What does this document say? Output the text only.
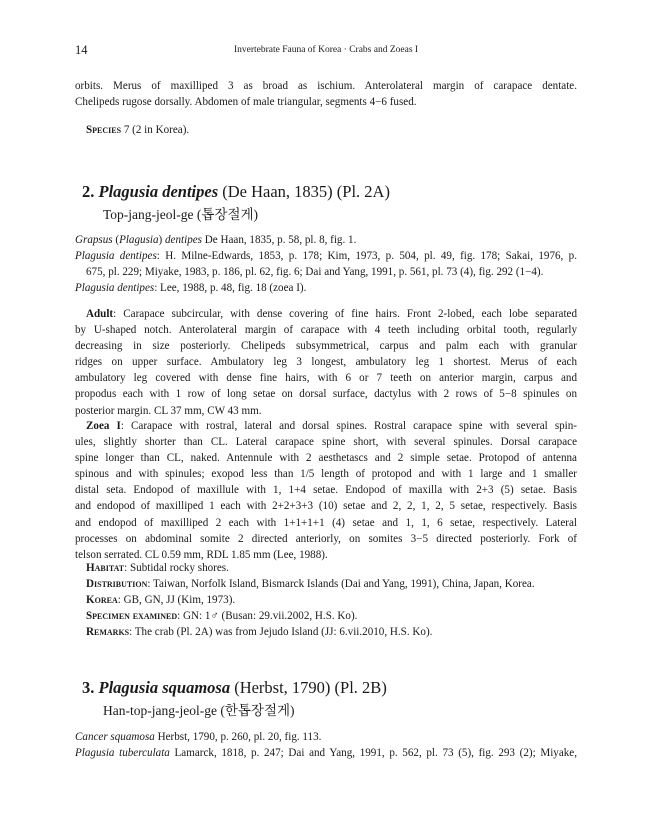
14	Invertebrate Fauna of Korea · Crabs and Zoeas I

orbits. Merus of maxilliped 3 as broad as ischium. Anterolateral margin of carapace dentate.
Chelipeds rugose dorsally. Abdomen of male triangular, segments 4−6 fused.

Species 7 (2 in Korea).

2. Plagusia dentipes (De Haan, 1835) (Pl. 2A)
Top-jang-jeol-ge (톱장절게)
Grapsus (Plagusia) dentipes De Haan, 1835, p. 58, pl. 8, fig. 1.
Plagusia dentipes: H. Milne-Edwards, 1853, p. 178; Kim, 1973, p. 504, pl. 49, fig. 178; Sakai, 1976, p.
675, pl. 229; Miyake, 1983, p. 186, pl. 62, fig. 6; Dai and Yang, 1991, p. 561, pl. 73 (4), fig. 292 (1−4).
Plagusia dentipes: Lee, 1988, p. 48, fig. 18 (zoea I).

Adult: Carapace subcircular, with dense covering of fine hairs. Front 2-lobed, each lobe separated
by U-shaped notch. Anterolateral margin of carapace with 4 teeth including orbital tooth, regularly
decreasing in size posteriorly. Chelipeds subsymmetrical, carpus and palm each with granular
ridges on upper surface. Ambulatory leg 3 longest, ambulatory leg 1 shortest. Merus of each
ambulatory leg covered with dense fine hairs, with 6 or 7 teeth on anterior margin, carpus and
propodus each with 1 row of long setae on dorsal surface, dactylus with 2 rows of 5−8 spinules on
posterior margin. CL 37 mm, CW 43 mm.

Zoea I: Carapace with rostral, lateral and dorsal spines. Rostral carapace spine with several spin-
ules, slightly shorter than CL. Lateral carapace spine short, with several spinules. Dorsal carapace
spine longer than CL, naked. Antennule with 2 aesthetascs and 2 simple setae. Protopod of antenna
spinous and with spinules; exopod less than 1/5 length of protopod and with 1 large and 1 smaller
distal seta. Endopod of maxillule with 1, 1+4 setae. Endopod of maxilla with 2+3 (5) setae. Basis
and endopod of maxilliped 1 each with 2+2+3+3 (10) setae and 2, 2, 1, 2, 5 setae, respectively. Basis
and endopod of maxilliped 2 each with 1+1+1+1 (4) setae and 1, 1, 6 setae, respectively. Lateral
processes on abdominal somite 2 directed anteriorly, on somites 3−5 directed posteriorly. Fork of
telson serrated. CL 0.59 mm, RDL 1.85 mm (Lee, 1988).

Habitat: Subtidal rocky shores.
Distribution: Taiwan, Norfolk Island, Bismarck Islands (Dai and Yang, 1991), China, Japan, Korea.
Korea: GB, GN, JJ (Kim, 1973).
Specimen examined: GN: 1♂ (Busan: 29.vii.2002, H.S. Ko).
Remarks: The crab (Pl. 2A) was from Jejudo Island (JJ: 6.vii.2010, H.S. Ko).

3. Plagusia squamosa (Herbst, 1790) (Pl. 2B)
Han-top-jang-jeol-ge (한톱장절게)
Cancer squamosa Herbst, 1790, p. 260, pl. 20, fig. 113.
Plagusia tuberculata Lamarck, 1818, p. 247; Dai and Yang, 1991, p. 562, pl. 73 (5), fig. 293 (2); Miyake,
